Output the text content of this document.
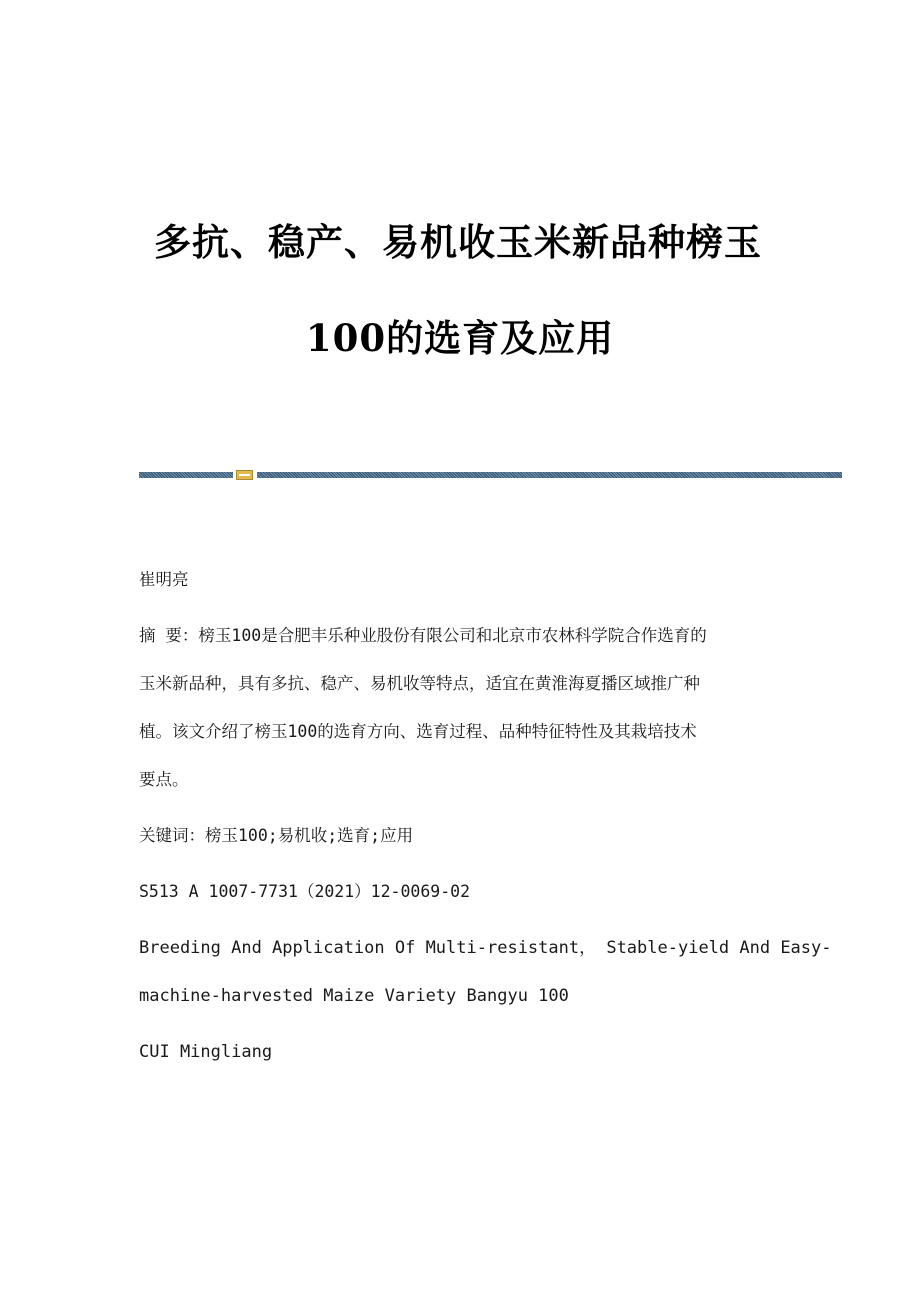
多抗、稳产、易机收玉米新品种榜玉
100的选育及应用
崔明亮
摘 要：榜玉100是合肥丰乐种业股份有限公司和北京市农林科学院合作选育的
玉米新品种，具有多抗、稳产、易机收等特点，适宜在黄淮海夏播区域推广种
植。该文介绍了榜玉100的选育方向、选育过程、品种特征特性及其栽培技术
要点。
关键词：榜玉100;易机收;选育;应用
S513 A 1007-7731（2021）12-0069-02
Breeding And Application Of Multi-resistant， Stable-yield And Easy-
machine-harvested Maize Variety Bangyu 100
CUI Mingliang
